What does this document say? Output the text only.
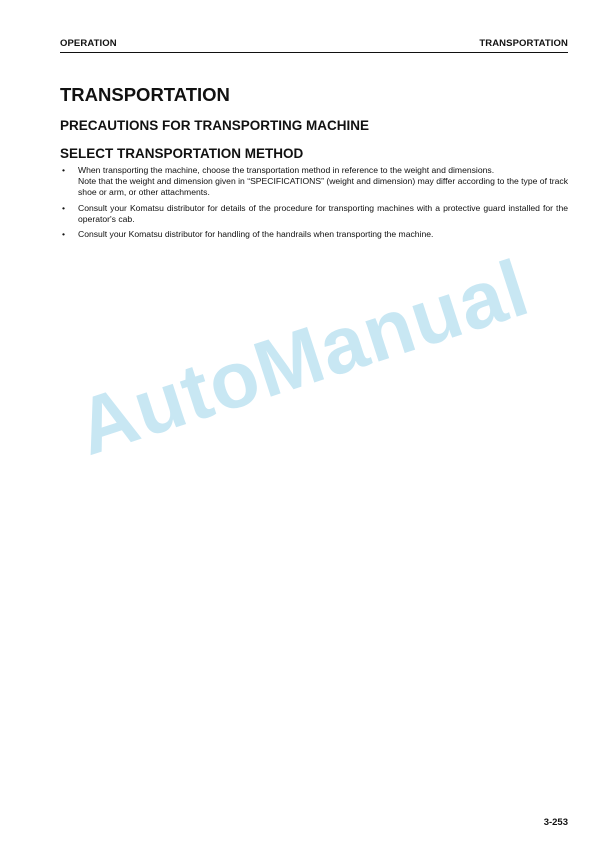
OPERATION	TRANSPORTATION
TRANSPORTATION
PRECAUTIONS FOR TRANSPORTING MACHINE
SELECT TRANSPORTATION METHOD
• When transporting the machine, choose the transportation method in reference to the weight and dimensions.
Note that the weight and dimension given in “SPECIFICATIONS” (weight and dimension) may differ according to the type of track shoe or arm, or other attachments.
• Consult your Komatsu distributor for details of the procedure for transporting machines with a protective guard installed for the operator's cab.
• Consult your Komatsu distributor for handling of the handrails when transporting the machine.
AutoManual
3-253
